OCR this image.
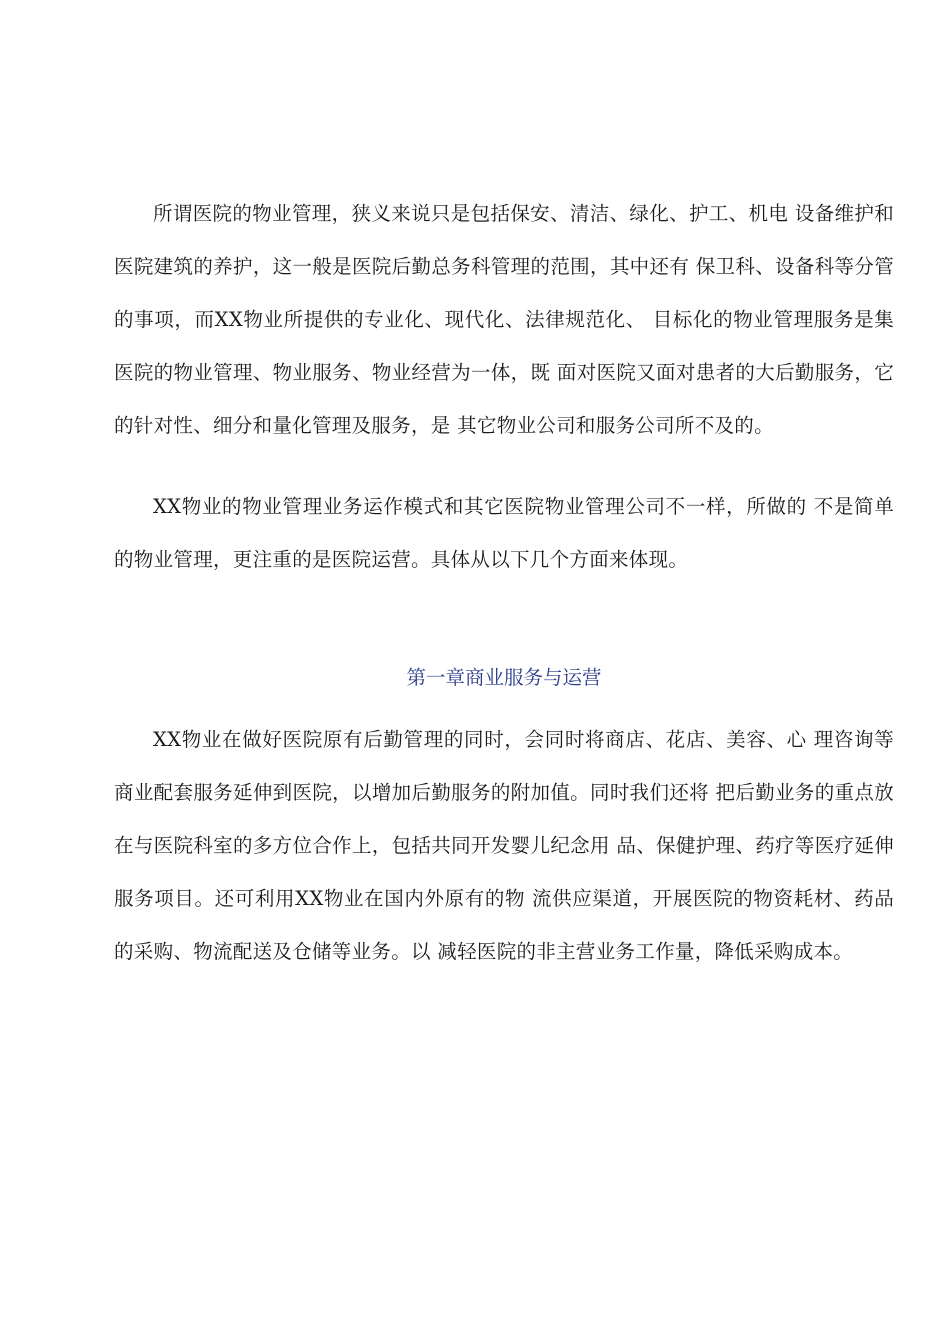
所谓医院的物业管理，狭义来说只是包括保安、清洁、绿化、护工、机电 设备维护和医院建筑的养护，这一般是医院后勤总务科管理的范围，其中还有 保卫科、设备科等分管的事项，而XX物业所提供的专业化、现代化、法律规范化、 目标化的物业管理服务是集医院的物业管理、物业服务、物业经营为一体，既 面对医院又面对患者的大后勤服务，它的针对性、细分和量化管理及服务，是 其它物业公司和服务公司所不及的。

XX物业的物业管理业务运作模式和其它医院物业管理公司不一样，所做的 不是简单的物业管理，更注重的是医院运营。具体从以下几个方面来体现。

第一章商业服务与运营

XX物业在做好医院原有后勤管理的同时，会同时将商店、花店、美容、心 理咨询等商业配套服务延伸到医院，以增加后勤服务的附加值。同时我们还将 把后勤业务的重点放在与医院科室的多方位合作上，包括共同开发婴儿纪念用 品、保健护理、药疗等医疗延伸服务项目。还可利用XX物业在国内外原有的物 流供应渠道，开展医院的物资耗材、药品的采购、物流配送及仓储等业务。以 减轻医院的非主营业务工作量，降低采购成本。
